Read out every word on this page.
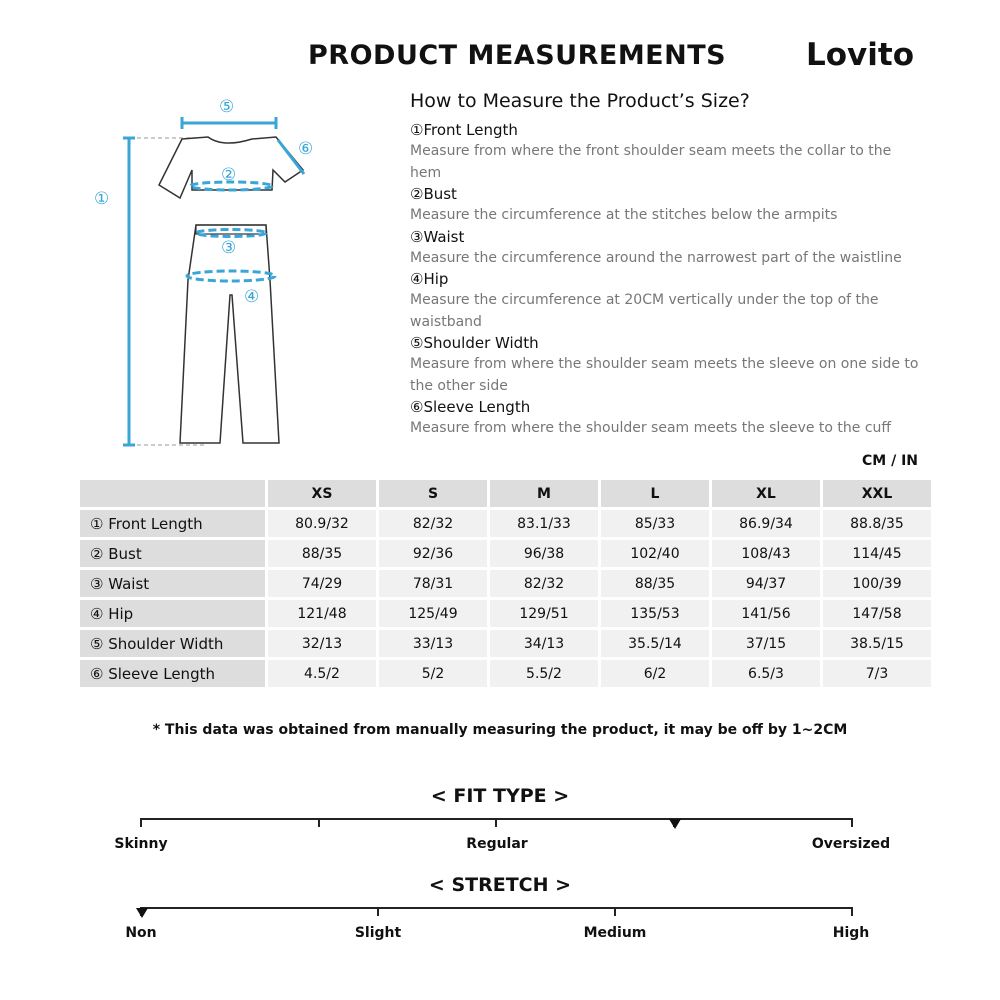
PRODUCT MEASUREMENTS	Lovito
①
②
③
④
⑤
⑥
How to Measure the Product’s Size?
①Front Length
Measure from where the front shoulder seam meets the collar to the hem
②Bust
Measure the circumference at the stitches below the armpits
③Waist
Measure the circumference around the narrowest part of the waistline
④Hip
Measure the circumference at 20CM vertically under the top of the waistband
⑤Shoulder Width
Measure from where the shoulder seam meets the sleeve on one side to the other side
⑥Sleeve Length
Measure from where the shoulder seam meets the sleeve to the cuff
CM / IN
	XS	S	M	L	XL	XXL
① Front Length	80.9/32	82/32	83.1/33	85/33	86.9/34	88.8/35
② Bust	88/35	92/36	96/38	102/40	108/43	114/45
③ Waist	74/29	78/31	82/32	88/35	94/37	100/39
④ Hip	121/48	125/49	129/51	135/53	141/56	147/58
⑤ Shoulder Width	32/13	33/13	34/13	35.5/14	37/15	38.5/15
⑥ Sleeve Length	4.5/2	5/2	5.5/2	6/2	6.5/3	7/3
* This data was obtained from manually measuring the product, it may be off by 1~2CM
< FIT TYPE >
Skinny	Regular	Oversized
< STRETCH >
Non	Slight	Medium	High
